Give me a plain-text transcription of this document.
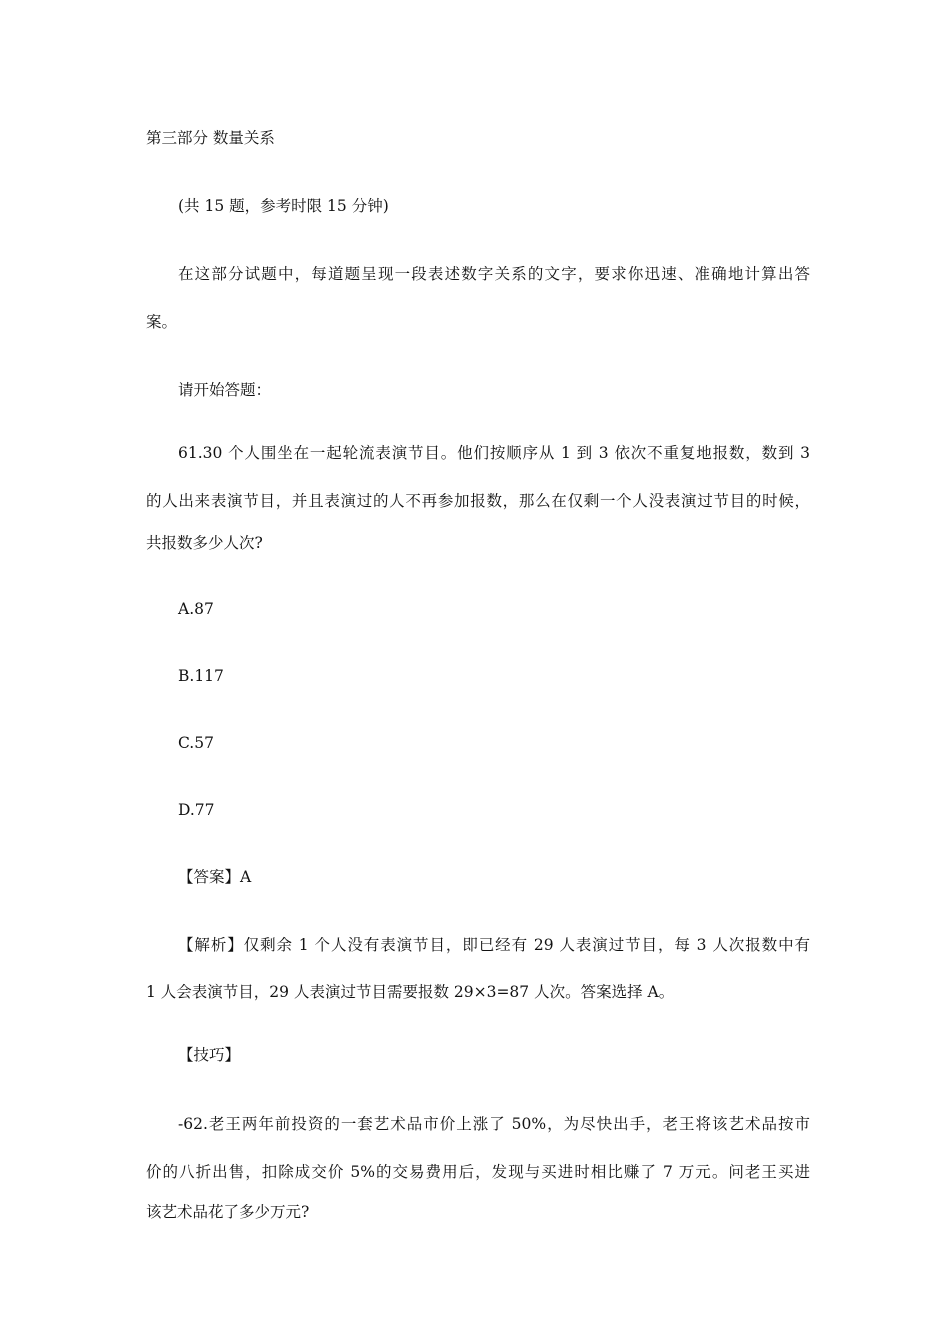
第三部分 数量关系
(共 15 题，参考时限 15 分钟)
在这部分试题中，每道题呈现一段表述数字关系的文字，要求你迅速、准确地计算出答
案。
请开始答题：
61.30 个人围坐在一起轮流表演节目。他们按顺序从 1 到 3 依次不重复地报数，数到 3
的人出来表演节目，并且表演过的人不再参加报数，那么在仅剩一个人没表演过节目的时候，
共报数多少人次?
A.87
B.117
C.57
D.77
【答案】A
【解析】仅剩余 1 个人没有表演节目，即已经有 29 人表演过节目，每 3 人次报数中有
1 人会表演节目，29 人表演过节目需要报数 29×3=87 人次。答案选择 A。
【技巧】
-62.老王两年前投资的一套艺术品市价上涨了 50%，为尽快出手，老王将该艺术品按市
价的八折出售，扣除成交价 5%的交易费用后，发现与买进时相比赚了 7 万元。问老王买进
该艺术品花了多少万元?
